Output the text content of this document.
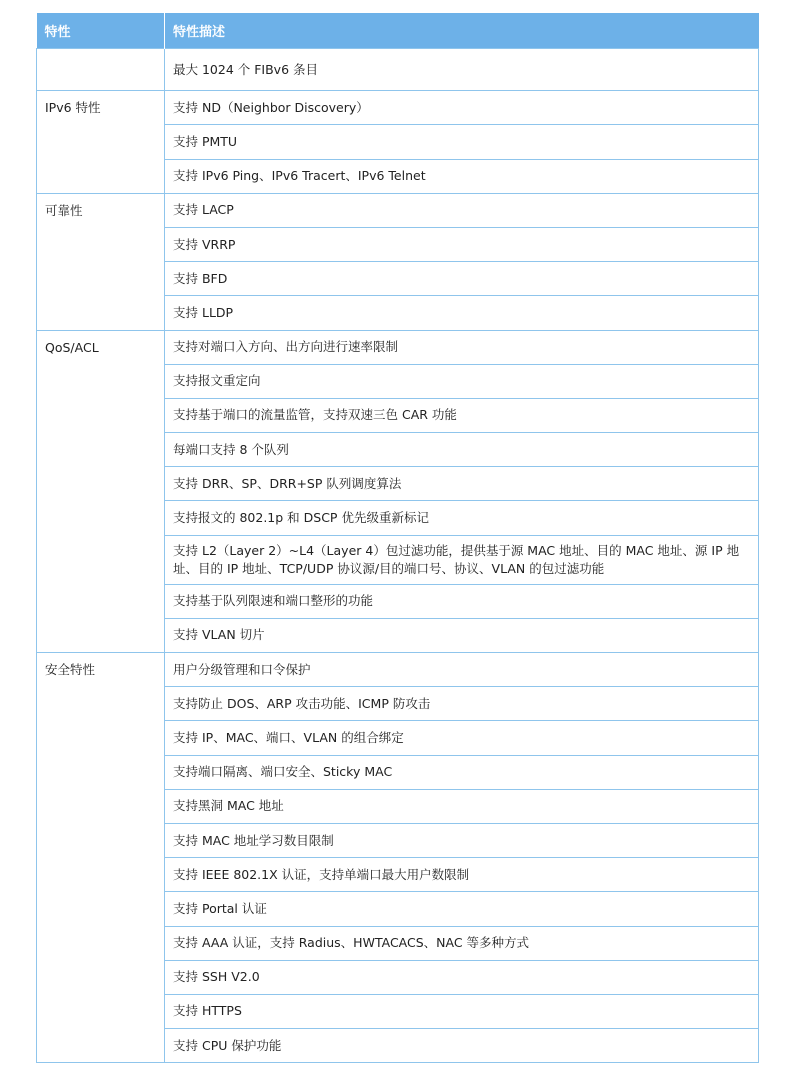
特性	特性描述
	最大 1024 个 FIBv6 条目
IPv6 特性	支持 ND（Neighbor Discovery）
	支持 PMTU
	支持 IPv6 Ping、IPv6 Tracert、IPv6 Telnet
可靠性	支持 LACP
	支持 VRRP
	支持 BFD
	支持 LLDP
QoS/ACL	支持对端口入方向、出方向进行速率限制
	支持报文重定向
	支持基于端口的流量监管，支持双速三色 CAR 功能
	每端口支持 8 个队列
	支持 DRR、SP、DRR+SP 队列调度算法
	支持报文的 802.1p 和 DSCP 优先级重新标记
	支持 L2（Layer 2）~L4（Layer 4）包过滤功能，提供基于源 MAC 地址、目的 MAC 地址、源 IP 地址、目的 IP 地址、TCP/UDP 协议源/目的端口号、协议、VLAN 的包过滤功能
	支持基于队列限速和端口整形的功能
	支持 VLAN 切片
安全特性	用户分级管理和口令保护
	支持防止 DOS、ARP 攻击功能、ICMP 防攻击
	支持 IP、MAC、端口、VLAN 的组合绑定
	支持端口隔离、端口安全、Sticky MAC
	支持黑洞 MAC 地址
	支持 MAC 地址学习数目限制
	支持 IEEE 802.1X 认证，支持单端口最大用户数限制
	支持 Portal 认证
	支持 AAA 认证，支持 Radius、HWTACACS、NAC 等多种方式
	支持 SSH V2.0
	支持 HTTPS
	支持 CPU 保护功能
